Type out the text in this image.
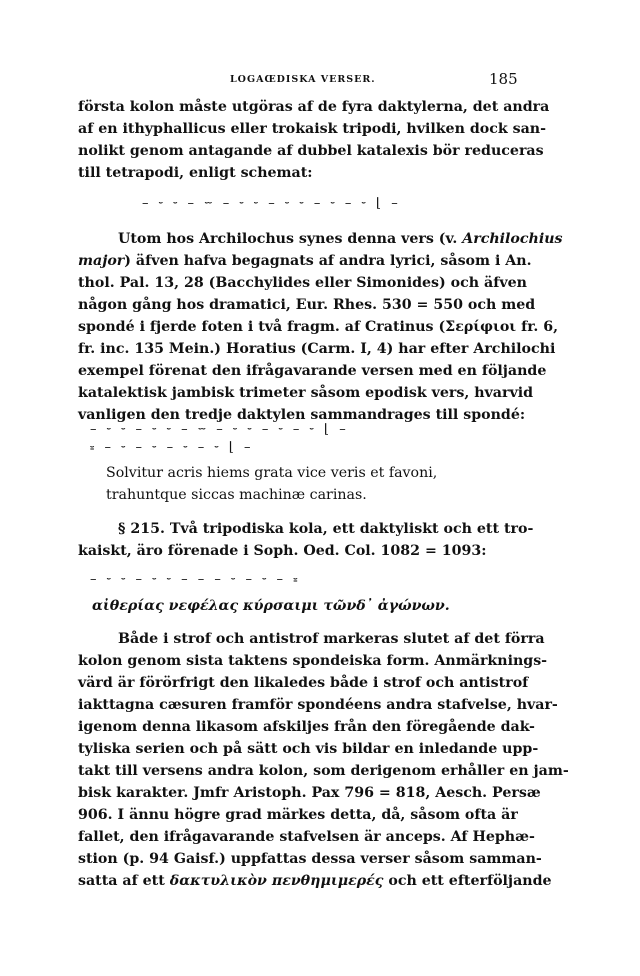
LOGAŒDISKA VERSER.	185
första kolon måste utgöras af de fyra daktylerna, det andra
af en ithyphallicus eller trokaisk tripodi, hvilken dock san-
nolikt genom antagande af dubbel katalexis bör reduceras
till tetrapodi, enligt schemat:
– ⏑ ⏑ – ⏖ – ⏑ ⏑ – ⏑ ⏑ – ⏑ – ⏑ ⌊ –
Utom hos Archilochus synes denna vers (v. Archilochius
major) äfven hafva begagnats af andra lyrici, såsom i An.
thol. Pal. 13, 28 (Bacchylides eller Simonides) och äfven
någon gång hos dramatici, Eur. Rhes. 530 = 550 och med
spondé i fjerde foten i två fragm. af Cratinus (Σερίφιοι fr. 6,
fr. inc. 135 Mein.) Horatius (Carm. I, 4) har efter Archilochi
exempel förenat den ifrågavarande versen med en följande
katalektisk jambisk trimeter såsom epodisk vers, hvarvid
vanligen den tredje daktylen sammandrages till spondé:
– ⏑ ⏑ – ⏑ ⏑ – ⏖ – ⏑ ⏑ – ⏑ – ⏑ ⌊ –
⏓ – ⏑ – ⏑ – ⏑ – ⏑ ⌊ –
Solvitur acris hiems grata vice veris et favoni,
trahuntque siccas machinæ carinas.
§ 215. Två tripodiska kola, ett daktyliskt och ett tro-
kaiskt, äro förenade i Soph. Oed. Col. 1082 = 1093:
– ⏑ ⏑ – ⏑ ⏑ – – – ⏑ – ⏑ – ⏓
αἰθερίας νεφέλας κύρσαιμι τῶνδ᾽ ἀγώνων.
Både i strof och antistrof markeras slutet af det förra
kolon genom sista taktens spondeiska form. Anmärknings-
värd är förörfrigt den likaledes både i strof och antistrof
iakttagna cæsuren framför spondéens andra stafvelse, hvar-
igenom denna likasom afskiljes från den föregående dak-
tyliska serien och på sätt och vis bildar en inledande upp-
takt till versens andra kolon, som derigenom erhåller en jam-
bisk karakter. Jmfr Aristoph. Pax 796 = 818, Aesch. Persæ
906. I ännu högre grad märkes detta, då, såsom ofta är
fallet, den ifrågavarande stafvelsen är anceps. Af Hephæ-
stion (p. 94 Gaisf.) uppfattas dessa verser såsom samman-
satta af ett δακτυλικὸν πενθημιμερές och ett efterföljande
